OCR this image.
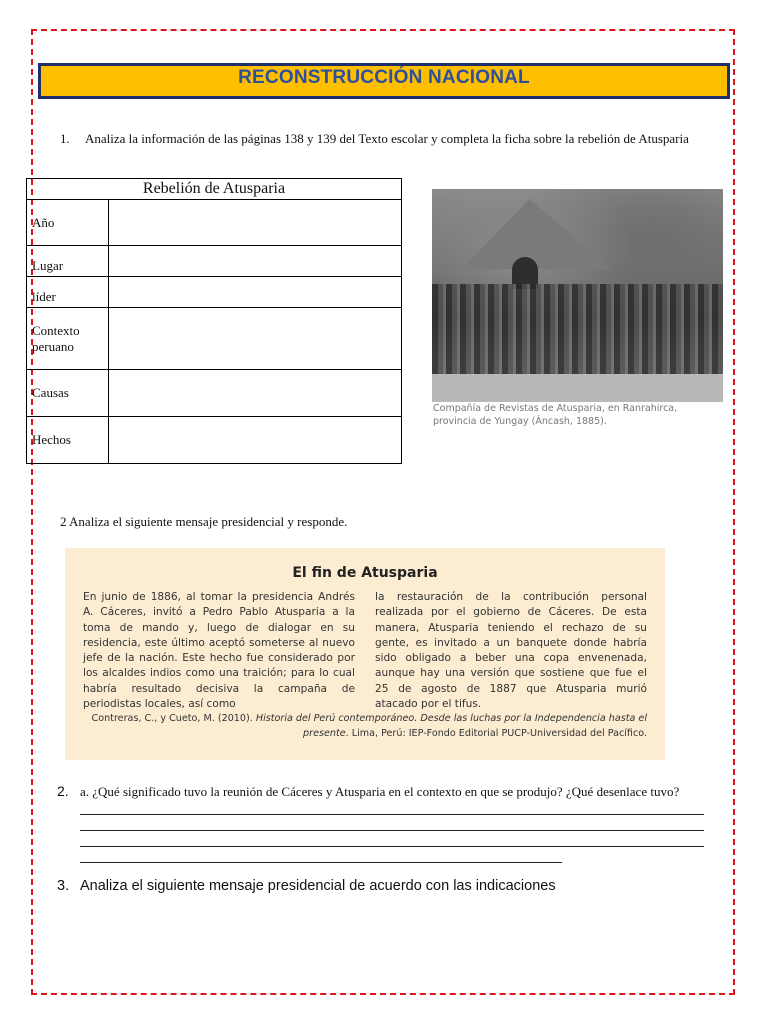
RECONSTRUCCIÓN NACIONAL
1. Analiza la información de las páginas 138 y 139 del Texto escolar y completa la ficha sobre la rebelión de Atusparia
Rebelión de Atusparia	
Año	
Lugar	
líder	
Contexto peruano	
Causas	
Hechos	
Compañía de Revistas de Atusparia, en Ranrahirca, provincia de Yungay (Áncash, 1885).
2 Analiza el siguiente mensaje presidencial y responde.
El fin de Atusparia
En junio de 1886, al tomar la presidencia Andrés A. Cáceres, invitó a Pedro Pablo Atusparia a la toma de mando y, luego de dialogar en su residencia, este último aceptó someterse al nuevo jefe de la nación. Este hecho fue considerado por los alcaldes indios como una traición; para lo cual habría resultado decisiva la campaña de periodistas locales, así como
la restauración de la contribución personal realizada por el gobierno de Cáceres. De esta manera, Atusparia teniendo el rechazo de su gente, es invitado a un banquete donde habría sido obligado a beber una copa envenenada, aunque hay una versión que sostiene que fue el 25 de agosto de 1887 que Atusparia murió atacado por el tifus.
Contreras, C., y Cueto, M. (2010). Historia del Perú contemporáneo. Desde las luchas por la Independencia hasta el presente. Lima, Perú: IEP-Fondo Editorial PUCP-Universidad del Pacífico.
2. a. ¿Qué significado tuvo la reunión de Cáceres y Atusparia en el contexto en que se produjo? ¿Qué desenlace tuvo?
3. Analiza el siguiente mensaje presidencial de acuerdo con las indicaciones
